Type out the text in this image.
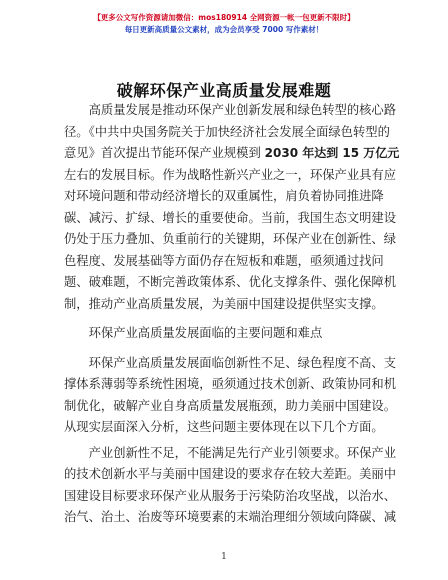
【更多公文写作资源请加微信：mos180914 全网资源一帐一包更新不限时】
每日更新高质量公文素材，成为会员享受 7000 写作素材！
破解环保产业高质量发展难题
高质量发展是推动环保产业创新发展和绿色转型的核心路
径。《中共中央国务院关于加快经济社会发展全面绿色转型的
意见》首次提出节能环保产业规模到 2030 年达到 15 万亿元
左右的发展目标。作为战略性新兴产业之一，环保产业具有应
对环境问题和带动经济增长的双重属性，肩负着协同推进降
碳、减污、扩绿、增长的重要使命。当前，我国生态文明建设
仍处于压力叠加、负重前行的关键期，环保产业在创新性、绿
色程度、发展基础等方面仍存在短板和难题，亟须通过找问
题、破难题，不断完善政策体系、优化支撑条件、强化保障机
制，推动产业高质量发展，为美丽中国建设提供坚实支撑。
环保产业高质量发展面临的主要问题和难点
环保产业高质量发展面临创新性不足、绿色程度不高、支
撑体系薄弱等系统性困境，亟须通过技术创新、政策协同和机
制优化，破解产业自身高质量发展瓶颈，助力美丽中国建设。
从现实层面深入分析，这些问题主要体现在以下几个方面。
产业创新性不足，不能满足先行产业引领要求。环保产业
的技术创新水平与美丽中国建设的要求存在较大差距。美丽中
国建设目标要求环保产业从服务于污染防治攻坚战，以治水、
治气、治土、治废等环境要素的末端治理细分领域向降碳、减
1
